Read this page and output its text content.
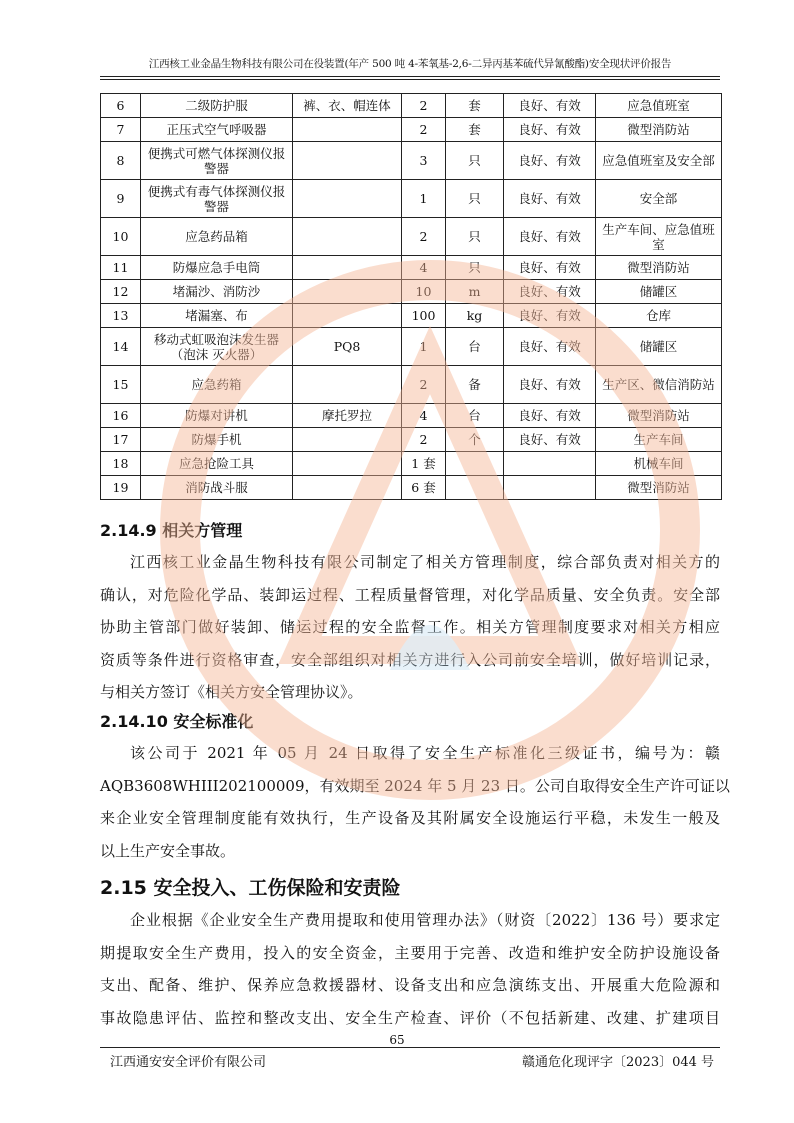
江西核工业金晶生物科技有限公司在役装置(年产 500 吨 4-苯氧基-2,6-二异丙基苯硫代异氰酸酯)安全现状评价报告
6	二级防护服	裤、衣、帽连体	2	套	良好、有效	应急值班室
7	正压式空气呼吸器		2	套	良好、有效	微型消防站
8	便携式可燃气体探测仪报警器		3	只	良好、有效	应急值班室及安全部
9	便携式有毒气体探测仪报警器		1	只	良好、有效	安全部
10	应急药品箱		2	只	良好、有效	生产车间、应急值班室
11	防爆应急手电筒		4	只	良好、有效	微型消防站
12	堵漏沙、消防沙		10	m	良好、有效	储罐区
13	堵漏塞、布		100	kg	良好、有效	仓库
14	移动式虹吸泡沫发生器（泡沫 灭火器）	PQ8	1	台	良好、有效	储罐区
15	应急药箱		2	备	良好、有效	生产区、微信消防站
16	防爆对讲机	摩托罗拉	4	台	良好、有效	微型消防站
17	防爆手机		2	个	良好、有效	生产车间
18	应急抢险工具		1 套			机械车间
19	消防战斗服		6 套			微型消防站
2.14.9 相关方管理
江西核工业金晶生物科技有限公司制定了相关方管理制度，综合部负责对相关方的
确认，对危险化学品、装卸运过程、工程质量督管理，对化学品质量、安全负责。安全部
协助主管部门做好装卸、储运过程的安全监督工作。相关方管理制度要求对相关方相应
资质等条件进行资格审查，安全部组织对相关方进行入公司前安全培训，做好培训记录，
与相关方签订《相关方安全管理协议》。
2.14.10 安全标准化
该公司于 2021 年 05 月 24 日取得了安全生产标准化三级证书，编号为：赣
AQB3608WHIII202100009，有效期至 2024 年 5 月 23 日。公司自取得安全生产许可证以
来企业安全管理制度能有效执行，生产设备及其附属安全设施运行平稳，未发生一般及
以上生产安全事故。
2.15 安全投入、工伤保险和安责险
企业根据《企业安全生产费用提取和使用管理办法》（财资〔2022〕136 号）要求定
期提取安全生产费用，投入的安全资金，主要用于完善、改造和维护安全防护设施设备
支出、配备、维护、保养应急救援器材、设备支出和应急演练支出、开展重大危险源和
事故隐患评估、监控和整改支出、安全生产检查、评价（不包括新建、改建、扩建项目
65
江西通安安全评价有限公司	赣通危化现评字〔2023〕044 号
